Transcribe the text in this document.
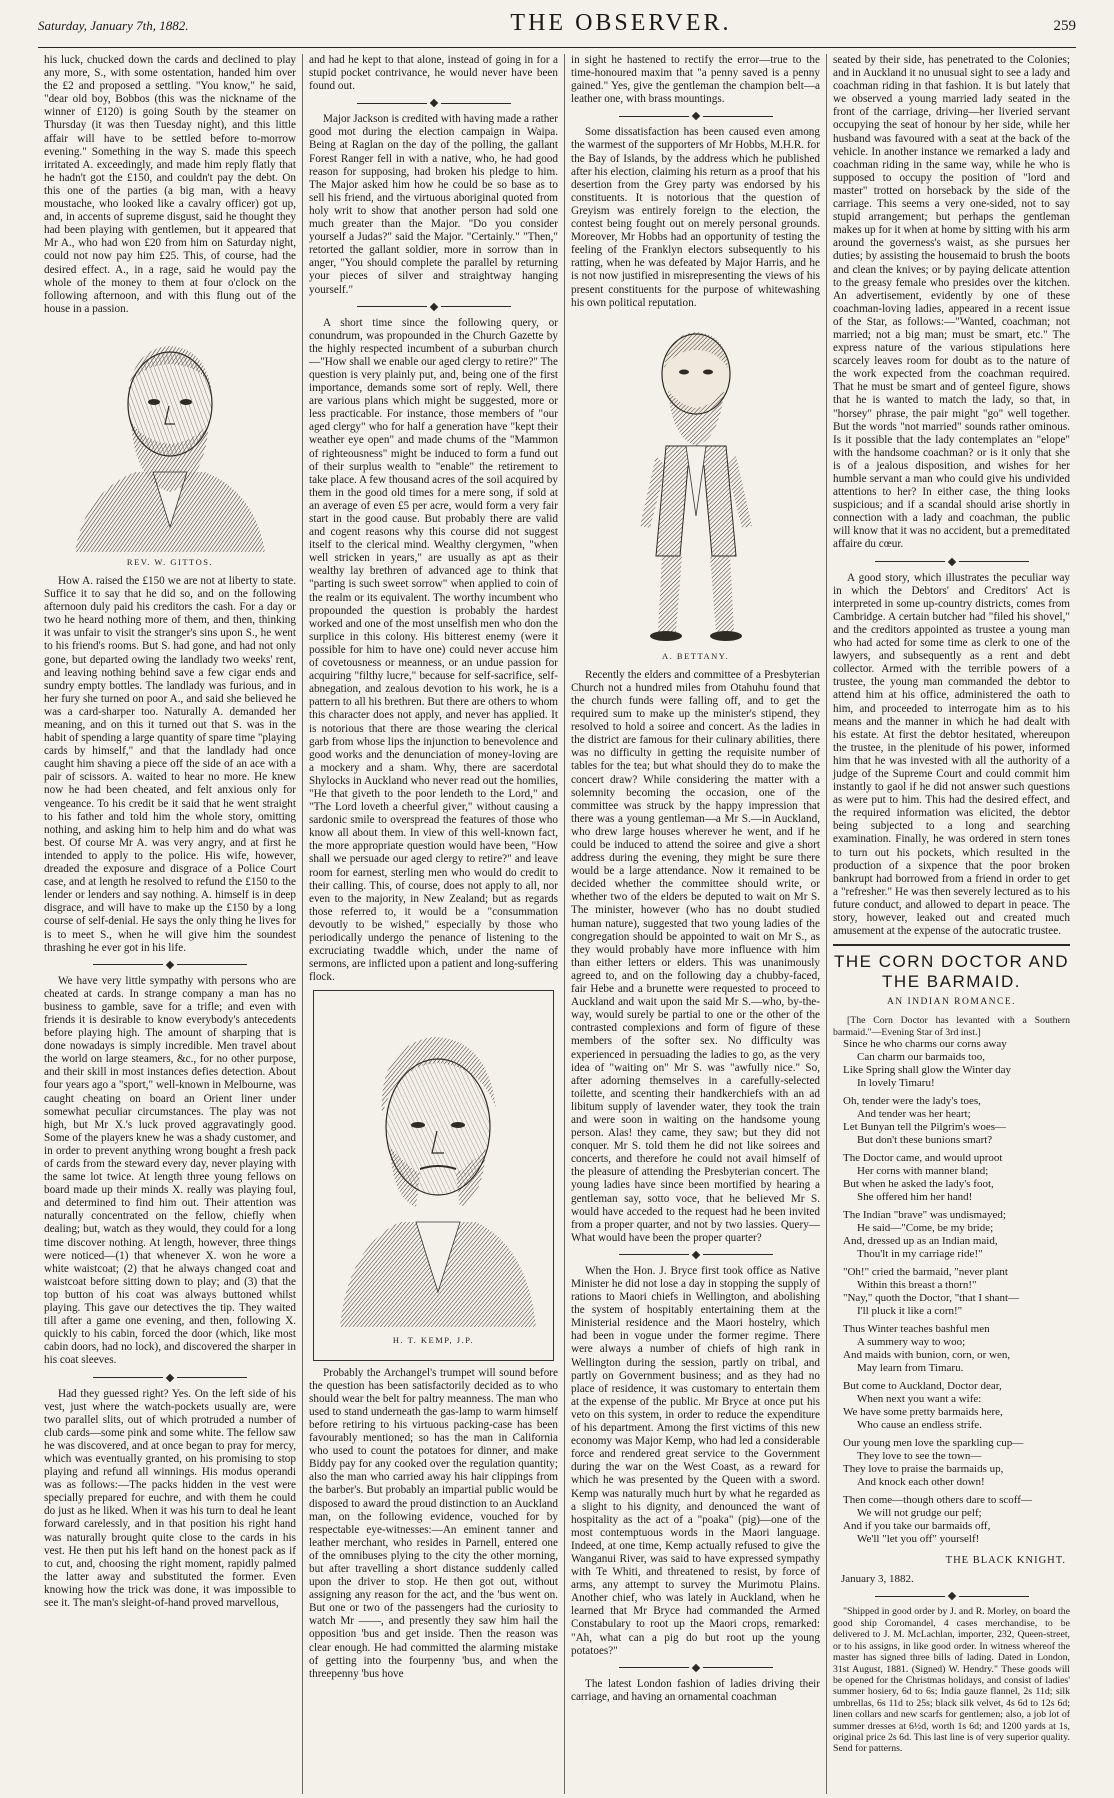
Saturday, January 7th, 1882.	THE OBSERVER.	259

his luck, chucked down the cards and declined to play any more, S., with some ostentation, handed him over the £2 and proposed a settling. "You know," he said, "dear old boy, Bobbos (this was the nickname of the winner of £120) is going South by the steamer on Thursday (it was then Tuesday night), and this little affair will have to be settled before to-morrow evening." Something in the way S. made this speech irritated A. exceedingly, and made him reply flatly that he hadn't got the £150, and couldn't pay the debt. On this one of the parties (a big man, with a heavy moustache, who looked like a cavalry officer) got up, and, in accents of supreme disgust, said he thought they had been playing with gentlemen, but it appeared that Mr A., who had won £20 from him on Saturday night, could not now pay him £25. This, of course, had the desired effect. A., in a rage, said he would pay the whole of the money to them at four o'clock on the following afternoon, and with this flung out of the house in a passion.

REV. W. GITTOS.

How A. raised the £150 we are not at liberty to state. Suffice it to say that he did so, and on the following afternoon duly paid his creditors the cash. For a day or two he heard nothing more of them, and then, thinking it was unfair to visit the stranger's sins upon S., he went to his friend's rooms. But S. had gone, and had not only gone, but departed owing the landlady two weeks' rent, and leaving nothing behind save a few cigar ends and sundry empty bottles. The landlady was furious, and in her fury she turned on poor A., and said she believed he was a card-sharper too. Naturally A. demanded her meaning, and on this it turned out that S. was in the habit of spending a large quantity of spare time "playing cards by himself," and that the landlady had once caught him shaving a piece off the side of an ace with a pair of scissors. A. waited to hear no more. He knew now he had been cheated, and felt anxious only for vengeance. To his credit be it said that he went straight to his father and told him the whole story, omitting nothing, and asking him to help him and do what was best. Of course Mr A. was very angry, and at first he intended to apply to the police. His wife, however, dreaded the exposure and disgrace of a Police Court case, and at length he resolved to refund the £150 to the lender or lenders and say nothing. A. himself is in deep disgrace, and will have to make up the £150 by a long course of self-denial. He says the only thing he lives for is to meet S., when he will give him the soundest thrashing he ever got in his life.

We have very little sympathy with persons who are cheated at cards. In strange company a man has no business to gamble, save for a trifle; and even with friends it is desirable to know everybody's antecedents before playing high. The amount of sharping that is done nowadays is simply incredible. Men travel about the world on large steamers, &c., for no other purpose, and their skill in most instances defies detection. About four years ago a "sport," well-known in Melbourne, was caught cheating on board an Orient liner under somewhat peculiar circumstances. The play was not high, but Mr X.'s luck proved aggravatingly good. Some of the players knew he was a shady customer, and in order to prevent anything wrong bought a fresh pack of cards from the steward every day, never playing with the same lot twice. At length three young fellows on board made up their minds X. really was playing foul, and determined to find him out. Their attention was naturally concentrated on the fellow, chiefly when dealing; but, watch as they would, they could for a long time discover nothing. At length, however, three things were noticed—(1) that whenever X. won he wore a white waistcoat; (2) that he always changed coat and waistcoat before sitting down to play; and (3) that the top button of his coat was always buttoned whilst playing. This gave our detectives the tip. They waited till after a game one evening, and then, following X. quickly to his cabin, forced the door (which, like most cabin doors, had no lock), and discovered the sharper in his coat sleeves.

Had they guessed right? Yes. On the left side of his vest, just where the watch-pockets usually are, were two parallel slits, out of which protruded a number of club cards—some pink and some white. The fellow saw he was discovered, and at once began to pray for mercy, which was eventually granted, on his promising to stop playing and refund all winnings. His modus operandi was as follows:—The packs hidden in the vest were specially prepared for euchre, and with them he could do just as he liked. When it was his turn to deal he leant forward carelessly, and in that position his right hand was naturally brought quite close to the cards in his vest. He then put his left hand on the honest pack as if to cut, and, choosing the right moment, rapidly palmed the latter away and substituted the former. Even knowing how the trick was done, it was impossible to see it. The man's sleight-of-hand proved marvellous,

and had he kept to that alone, instead of going in for a stupid pocket contrivance, he would never have been found out.

Major Jackson is credited with having made a rather good mot during the election campaign in Waipa. Being at Raglan on the day of the polling, the gallant Forest Ranger fell in with a native, who, he had good reason for supposing, had broken his pledge to him. The Major asked him how he could be so base as to sell his friend, and the virtuous aboriginal quoted from holy writ to show that another person had sold one much greater than the Major. "Do you consider yourself a Judas?" said the Major. "Certainly." "Then," retorted the gallant soldier, more in sorrow than in anger, "You should complete the parallel by returning your pieces of silver and straightway hanging yourself."

A short time since the following query, or conundrum, was propounded in the Church Gazette by the highly respected incumbent of a suburban church—"How shall we enable our aged clergy to retire?" The question is very plainly put, and, being one of the first importance, demands some sort of reply. Well, there are various plans which might be suggested, more or less practicable. For instance, those members of "our aged clergy" who for half a generation have "kept their weather eye open" and made chums of the "Mammon of righteousness" might be induced to form a fund out of their surplus wealth to "enable" the retirement to take place. A few thousand acres of the soil acquired by them in the good old times for a mere song, if sold at an average of even £5 per acre, would form a very fair start in the good cause. But probably there are valid and cogent reasons why this course did not suggest itself to the clerical mind. Wealthy clergymen, "when well stricken in years," are usually as apt as their wealthy lay brethren of advanced age to think that "parting is such sweet sorrow" when applied to coin of the realm or its equivalent. The worthy incumbent who propounded the question is probably the hardest worked and one of the most unselfish men who don the surplice in this colony. His bitterest enemy (were it possible for him to have one) could never accuse him of covetousness or meanness, or an undue passion for acquiring "filthy lucre," because for self-sacrifice, self-abnegation, and zealous devotion to his work, he is a pattern to all his brethren. But there are others to whom this character does not apply, and never has applied. It is notorious that there are those wearing the clerical garb from whose lips the injunction to benevolence and good works and the denunciation of money-loving are a mockery and a sham. Why, there are sacerdotal Shylocks in Auckland who never read out the homilies, "He that giveth to the poor lendeth to the Lord," and "The Lord loveth a cheerful giver," without causing a sardonic smile to overspread the features of those who know all about them. In view of this well-known fact, the more appropriate question would have been, "How shall we persuade our aged clergy to retire?" and leave room for earnest, sterling men who would do credit to their calling. This, of course, does not apply to all, nor even to the majority, in New Zealand; but as regards those referred to, it would be a "consummation devoutly to be wished," especially by those who periodically undergo the penance of listening to the excruciating twaddle which, under the name of sermons, are inflicted upon a patient and long-suffering flock.

H. T. KEMP, J.P.

Probably the Archangel's trumpet will sound before the question has been satisfactorily decided as to who should wear the belt for paltry meanness. The man who used to stand underneath the gas-lamp to warm himself before retiring to his virtuous packing-case has been favourably mentioned; so has the man in California who used to count the potatoes for dinner, and make Biddy pay for any cooked over the regulation quantity; also the man who carried away his hair clippings from the barber's. But probably an impartial public would be disposed to award the proud distinction to an Auckland man, on the following evidence, vouched for by respectable eye-witnesses:—An eminent tanner and leather merchant, who resides in Parnell, entered one of the omnibuses plying to the city the other morning, but after travelling a short distance suddenly called upon the driver to stop. He then got out, without assigning any reason for the act, and the 'bus went on. But one or two of the passengers had the curiosity to watch Mr ——, and presently they saw him hail the opposition 'bus and get inside. Then the reason was clear enough. He had committed the alarming mistake of getting into the fourpenny 'bus, and when the threepenny 'bus hove

in sight he hastened to rectify the error—true to the time-honoured maxim that "a penny saved is a penny gained." Yes, give the gentleman the champion belt—a leather one, with brass mountings.

Some dissatisfaction has been caused even among the warmest of the supporters of Mr Hobbs, M.H.R. for the Bay of Islands, by the address which he published after his election, claiming his return as a proof that his desertion from the Grey party was endorsed by his constituents. It is notorious that the question of Greyism was entirely foreign to the election, the contest being fought out on merely personal grounds. Moreover, Mr Hobbs had an opportunity of testing the feeling of the Franklyn electors subsequently to his ratting, when he was defeated by Major Harris, and he is not now justified in misrepresenting the views of his present constituents for the purpose of whitewashing his own political reputation.

A. BETTANY.

Recently the elders and committee of a Presbyterian Church not a hundred miles from Otahuhu found that the church funds were falling off, and to get the required sum to make up the minister's stipend, they resolved to hold a soiree and concert. As the ladies in the district are famous for their culinary abilities, there was no difficulty in getting the requisite number of tables for the tea; but what should they do to make the concert draw? While considering the matter with a solemnity becoming the occasion, one of the committee was struck by the happy impression that there was a young gentleman—a Mr S.—in Auckland, who drew large houses wherever he went, and if he could be induced to attend the soiree and give a short address during the evening, they might be sure there would be a large attendance. Now it remained to be decided whether the committee should write, or whether two of the elders be deputed to wait on Mr S. The minister, however (who has no doubt studied human nature), suggested that two young ladies of the congregation should be appointed to wait on Mr S., as they would probably have more influence with him than either letters or elders. This was unanimously agreed to, and on the following day a chubby-faced, fair Hebe and a brunette were requested to proceed to Auckland and wait upon the said Mr S.—who, by-the-way, would surely be partial to one or the other of the contrasted complexions and form of figure of these members of the softer sex. No difficulty was experienced in persuading the ladies to go, as the very idea of "waiting on" Mr S. was "awfully nice." So, after adorning themselves in a carefully-selected toilette, and scenting their handkerchiefs with an ad libitum supply of lavender water, they took the train and were soon in waiting on the handsome young person. Alas! they came, they saw; but they did not conquer. Mr S. told them he did not like soirees and concerts, and therefore he could not avail himself of the pleasure of attending the Presbyterian concert. The young ladies have since been mortified by hearing a gentleman say, sotto voce, that he believed Mr S. would have acceded to the request had he been invited from a proper quarter, and not by two lassies. Query—What would have been the proper quarter?

When the Hon. J. Bryce first took office as Native Minister he did not lose a day in stopping the supply of rations to Maori chiefs in Wellington, and abolishing the system of hospitably entertaining them at the Ministerial residence and the Maori hostelry, which had been in vogue under the former regime. There were always a number of chiefs of high rank in Wellington during the session, partly on tribal, and partly on Government business; and as they had no place of residence, it was customary to entertain them at the expense of the public. Mr Bryce at once put his veto on this system, in order to reduce the expenditure of his department. Among the first victims of this new economy was Major Kemp, who had led a considerable force and rendered great service to the Government during the war on the West Coast, as a reward for which he was presented by the Queen with a sword. Kemp was naturally much hurt by what he regarded as a slight to his dignity, and denounced the want of hospitality as the act of a "poaka" (pig)—one of the most contemptuous words in the Maori language. Indeed, at one time, Kemp actually refused to give the Wanganui River, was said to have expressed sympathy with Te Whiti, and threatened to resist, by force of arms, any attempt to survey the Murimotu Plains. Another chief, who was lately in Auckland, when he learned that Mr Bryce had commanded the Armed Constabulary to root up the Maori crops, remarked: "Ah, what can a pig do but root up the young potatoes?"

The latest London fashion of ladies driving their carriage, and having an ornamental coachman

seated by their side, has penetrated to the Colonies; and in Auckland it no unusual sight to see a lady and coachman riding in that fashion. It is but lately that we observed a young married lady seated in the front of the carriage, driving—her liveried servant occupying the seat of honour by her side, while her husband was favoured with a seat at the back of the vehicle. In another instance we remarked a lady and coachman riding in the same way, while he who is supposed to occupy the position of "lord and master" trotted on horseback by the side of the carriage. This seems a very one-sided, not to say stupid arrangement; but perhaps the gentleman makes up for it when at home by sitting with his arm around the governess's waist, as she pursues her duties; by assisting the housemaid to brush the boots and clean the knives; or by paying delicate attention to the greasy female who presides over the kitchen. An advertisement, evidently by one of these coachman-loving ladies, appeared in a recent issue of the Star, as follows:—"Wanted, coachman; not married; not a big man; must be smart, etc." The express nature of the various stipulations here scarcely leaves room for doubt as to the nature of the work expected from the coachman required. That he must be smart and of genteel figure, shows that he is wanted to match the lady, so that, in "horsey" phrase, the pair might "go" well together. But the words "not married" sounds rather ominous. Is it possible that the lady contemplates an "elope" with the handsome coachman? or is it only that she is of a jealous disposition, and wishes for her humble servant a man who could give his undivided attentions to her? In either case, the thing looks suspicious; and if a scandal should arise shortly in connection with a lady and coachman, the public will know that it was no accident, but a premeditated affaire du cœur.

A good story, which illustrates the peculiar way in which the Debtors' and Creditors' Act is interpreted in some up-country districts, comes from Cambridge. A certain butcher had "filed his shovel," and the creditors appointed as trustee a young man who had acted for some time as clerk to one of the lawyers, and subsequently as a rent and debt collector. Armed with the terrible powers of a trustee, the young man commanded the debtor to attend him at his office, administered the oath to him, and proceeded to interrogate him as to his means and the manner in which he had dealt with his estate. At first the debtor hesitated, whereupon the trustee, in the plenitude of his power, informed him that he was invested with all the authority of a judge of the Supreme Court and could commit him instantly to gaol if he did not answer such questions as were put to him. This had the desired effect, and the required information was elicited, the debtor being subjected to a long and searching examination. Finally, he was ordered in stern tones to turn out his pockets, which resulted in the production of a sixpence that the poor broken bankrupt had borrowed from a friend in order to get a "refresher." He was then severely lectured as to his future conduct, and allowed to depart in peace. The story, however, leaked out and created much amusement at the expense of the autocratic trustee.

THE CORN DOCTOR AND THE BARMAID.
AN INDIAN ROMANCE.

[The Corn Doctor has levanted with a Southern barmaid."—Evening Star of 3rd inst.]

Since he who charms our corns away
Can charm our barmaids too,
Like Spring shall glow the Winter day
In lovely Timaru!

Oh, tender were the lady's toes,
And tender was her heart;
Let Bunyan tell the Pilgrim's woes—
But don't these bunions smart?

The Doctor came, and would uproot
Her corns with manner bland;
But when he asked the lady's foot,
She offered him her hand!

The Indian "brave" was undismayed;
He said—"Come, be my bride;
And, dressed up as an Indian maid,
Thou'lt in my carriage ride!"

"Oh!" cried the barmaid, "never plant
Within this breast a thorn!"
"Nay," quoth the Doctor, "that I shant—
I'll pluck it like a corn!"

Thus Winter teaches bashful men
A summery way to woo;
And maids with bunion, corn, or wen,
May learn from Timaru.

But come to Auckland, Doctor dear,
When next you want a wife:
We have some pretty barmaids here,
Who cause an endless strife.

Our young men love the sparkling cup—
They love to see the town—
They love to praise the barmaids up,
And knock each other down!

Then come—though others dare to scoff—
We will not grudge our pelf;
And if you take our barmaids off,
We'll "let you off" yourself!
THE BLACK KNIGHT.
January 3, 1882.

"Shipped in good order by J. and R. Morley, on board the good ship Coromandel, 4 cases merchandise, to be delivered to J. M. McLachlan, importer, 232, Queen-street, or to his assigns, in like good order. In witness whereof the master has signed three bills of lading. Dated in London, 31st August, 1881. (Signed) W. Hendry." These goods will be opened for the Christmas holidays, and consist of ladies' summer hosiery, 6d to 6s; India gauze flannel, 2s 11d; silk umbrellas, 6s 11d to 25s; black silk velvet, 4s 6d to 12s 6d; linen collars and new scarfs for gentlemen; also, a job lot of summer dresses at 6½d, worth 1s 6d; and 1200 yards at 1s, original price 2s 6d. This last line is of very superior quality. Send for patterns.
